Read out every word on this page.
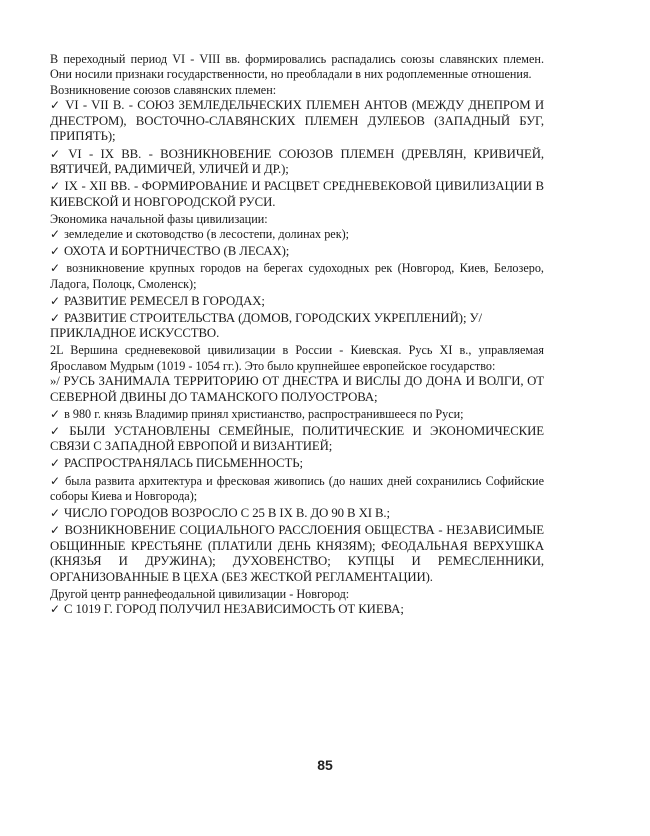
В переходный период VI - VIII вв. формировались распадались союзы славянских племен. Они носили признаки государственности, но преобладали в них родоплеменные отношения.

Возникновение союзов славянских племен:

✓ VI - VII В. - СОЮЗ ЗЕМЛЕДЕЛЬЧЕСКИХ ПЛЕМЕН АНТОВ (МЕЖДУ ДНЕПРОМ И ДНЕСТРОМ), ВОСТОЧНО-СЛАВЯНСКИХ ПЛЕМЕН ДУЛЕБОВ (ЗАПАДНЫЙ БУГ, ПРИПЯТЬ);

✓ VI - IX ВВ. - ВОЗНИКНОВЕНИЕ СОЮЗОВ ПЛЕМЕН (ДРЕВЛЯН, КРИВИЧЕЙ, ВЯТИЧЕЙ, РАДИМИЧЕЙ, УЛИЧЕЙ И ДР.);

✓ IX - XII ВВ. - ФОРМИРОВАНИЕ И РАСЦВЕТ СРЕДНЕВЕКОВОЙ ЦИВИЛИЗАЦИИ В КИЕВСКОЙ И НОВГОРОДСКОЙ РУСИ.

Экономика начальной фазы цивилизации:

✓ земледелие и скотоводство (в лесостепи, долинах рек);

✓ ОХОТА И БОРТНИЧЕСТВО (В ЛЕСАХ);

✓ возникновение крупных городов на берегах судоходных рек (Новгород, Киев, Белозеро, Ладога, Полоцк, Смоленск);

✓ РАЗВИТИЕ РЕМЕСЕЛ В ГОРОДАХ;

✓ РАЗВИТИЕ СТРОИТЕЛЬСТВА (ДОМОВ, ГОРОДСКИХ УКРЕПЛЕНИЙ); У/ ПРИКЛАДНОЕ ИСКУССТВО.

2L Вершина средневековой цивилизации в России - Киевская. Русь XI в., управляемая Ярославом Мудрым (1019 - 1054 гг.). Это было крупнейшее европейское государство:

»/ РУСЬ ЗАНИМАЛА ТЕРРИТОРИЮ ОТ ДНЕСТРА И ВИСЛЫ ДО ДОНА И ВОЛГИ, ОТ СЕВЕРНОЙ ДВИНЫ ДО ТАМАНСКОГО ПОЛУОСТРОВА;

✓ в 980 г. князь Владимир принял христианство, распространившееся по Руси;

✓ БЫЛИ УСТАНОВЛЕНЫ СЕМЕЙНЫЕ, ПОЛИТИЧЕСКИЕ И ЭКОНОМИЧЕСКИЕ СВЯЗИ С ЗАПАДНОЙ ЕВРОПОЙ И ВИЗАНТИЕЙ;

✓ РАСПРОСТРАНЯЛАСЬ ПИСЬМЕННОСТЬ;

✓ была развита архитектура и фресковая живопись (до наших дней сохранились Софийские соборы Киева и Новгорода);

✓ ЧИСЛО ГОРОДОВ ВОЗРОСЛО С 25 В IX В. ДО 90 В XI В.;

✓ ВОЗНИКНОВЕНИЕ СОЦИАЛЬНОГО РАССЛОЕНИЯ ОБЩЕСТВА - НЕЗАВИСИМЫЕ ОБЩИННЫЕ КРЕСТЬЯНЕ (ПЛАТИЛИ ДЕНЬ КНЯЗЯМ); ФЕОДАЛЬНАЯ ВЕРХУШКА (КНЯЗЬЯ И ДРУЖИНА); ДУХОВЕНСТВО; КУПЦЫ И РЕМЕСЛЕННИКИ, ОРГАНИЗОВАННЫЕ В ЦЕХА (БЕЗ ЖЕСТКОЙ РЕГЛАМЕНТАЦИИ).

Другой центр раннефеодальной цивилизации - Новгород:

✓ С 1019 Г. ГОРОД ПОЛУЧИЛ НЕЗАВИСИМОСТЬ ОТ КИЕВА;

85
